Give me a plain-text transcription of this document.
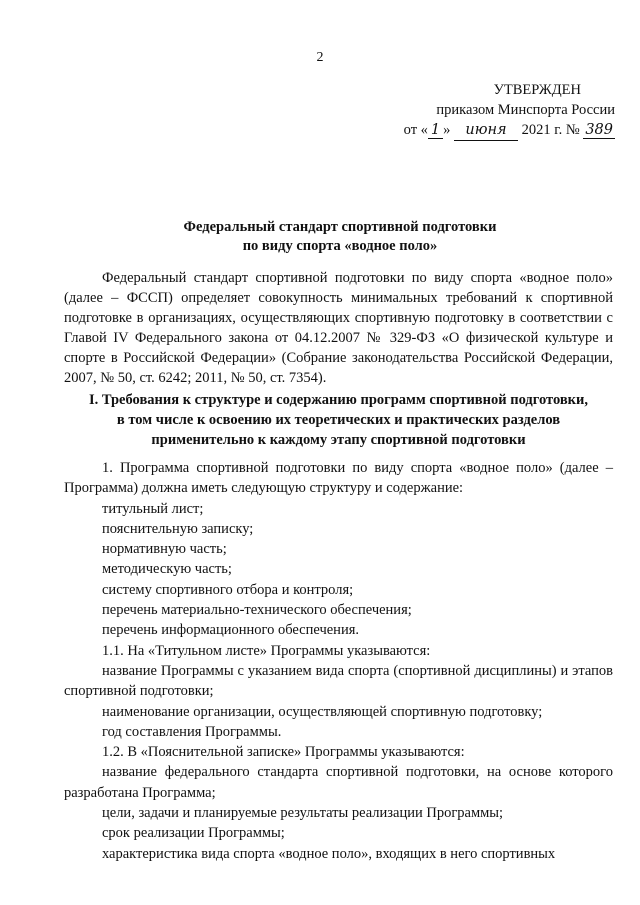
2
УТВЕРЖДЕН
приказом Минспорта России
от « 1 » июня 2021 г. № 389
Федеральный стандарт спортивной подготовки
по виду спорта «водное поло»
Федеральный стандарт спортивной подготовки по виду спорта «водное поло» (далее – ФССП) определяет совокупность минимальных требований к спортивной подготовке в организациях, осуществляющих спортивную подготовку в соответствии с Главой IV Федерального закона от 04.12.2007 № 329-ФЗ «О физической культуре и спорте в Российской Федерации» (Собрание законодательства Российской Федерации, 2007, № 50, ст. 6242; 2011, № 50, ст. 7354).
I. Требования к структуре и содержанию программ спортивной подготовки,
в том числе к освоению их теоретических и практических разделов
применительно к каждому этапу спортивной подготовки
1. Программа спортивной подготовки по виду спорта «водное поло» (далее – Программа) должна иметь следующую структуру и содержание:
титульный лист;
пояснительную записку;
нормативную часть;
методическую часть;
систему спортивного отбора и контроля;
перечень материально-технического обеспечения;
перечень информационного обеспечения.
1.1. На «Титульном листе» Программы указываются:
название Программы с указанием вида спорта (спортивной дисциплины) и этапов спортивной подготовки;
наименование организации, осуществляющей спортивную подготовку;
год составления Программы.
1.2. В «Пояснительной записке» Программы указываются:
название федерального стандарта спортивной подготовки, на основе которого разработана Программа;
цели, задачи и планируемые результаты реализации Программы;
срок реализации Программы;
характеристика вида спорта «водное поло», входящих в него спортивных
